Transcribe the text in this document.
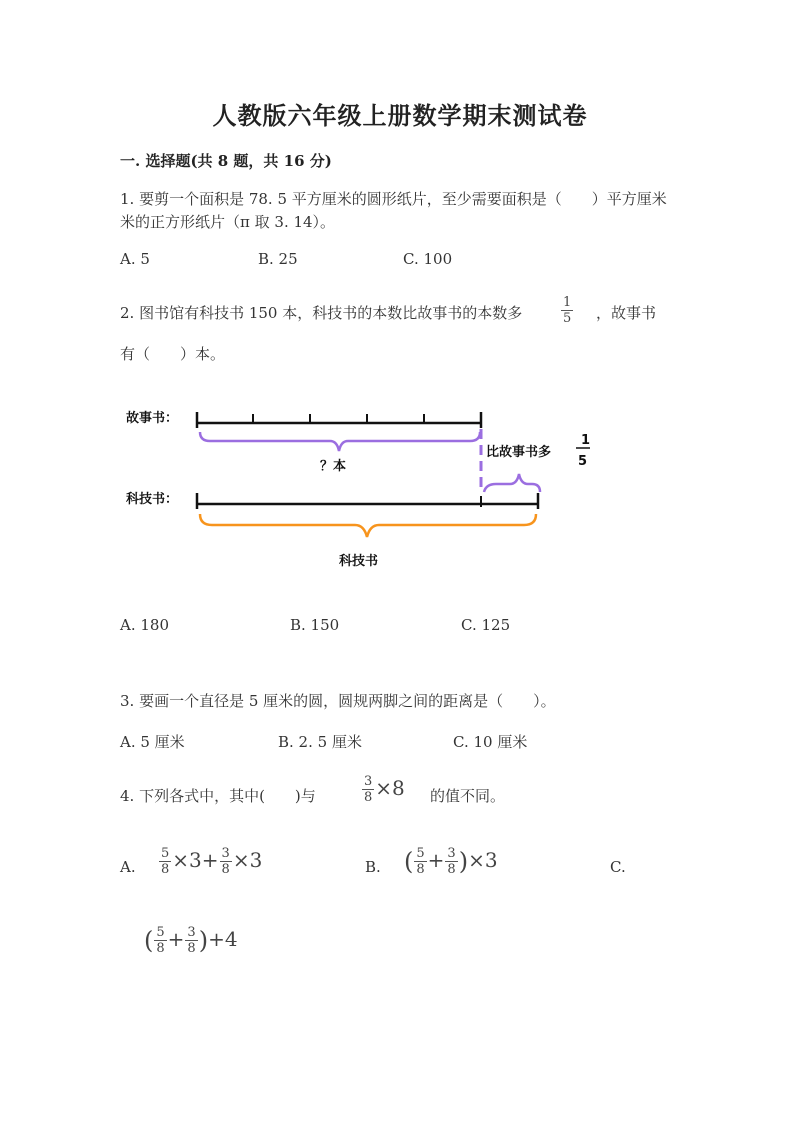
人教版六年级上册数学期末测试卷
一. 选择题(共 8 题，共 16 分)
1. 要剪一个面积是 78. 5 平方厘米的圆形纸片，至少需要面积是（　　）平方厘米
米的正方形纸片（π 取 3. 14）。
A. 5	B. 25	C. 100
2. 图书馆有科技书 150 本，科技书的本数比故事书的本数多	$\frac{1}{5}$ ，故事书
有（　　）本。
故事书：
？本
比故事书多
1
5
科技书：
科技书
A. 180	B. 150	C. 125
3. 要画一个直径是 5 厘米的圆，圆规两脚之间的距离是（　　）。
A. 5 厘米	B. 2. 5 厘米	C. 10 厘米
4. 下列各式中，其中(　　)与	$\frac{3}{8} \times 8$ 的值不同。
A. $\frac{5}{8} \times 3+ \frac{3}{8} \times 3$	B. ( $\frac{5}{8} + \frac{3}{8} )\times 3$	C.
( $\frac{5}{8} + \frac{3}{8} )+4$
